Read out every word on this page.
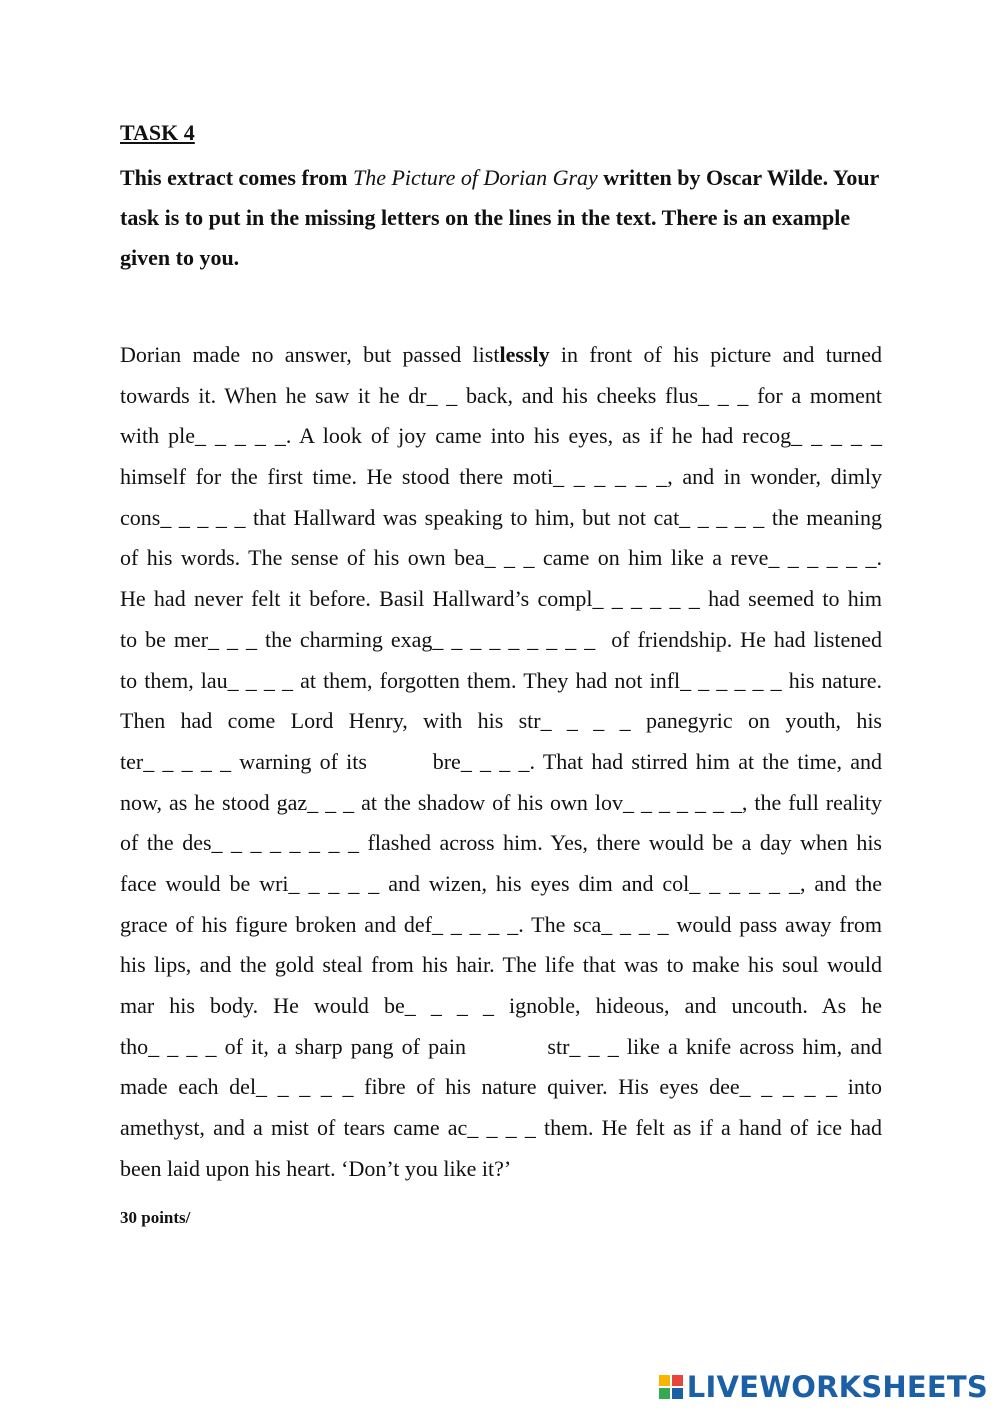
TASK 4

This extract comes from The Picture of Dorian Gray written by Oscar Wilde. Your task is to put in the missing letters on the lines in the text. There is an example given to you.

Dorian made no answer, but passed listlessly in front of his picture and turned
towards it. When he saw it he dr_ _ back, and his cheeks flus_ _ _ for a moment
with ple_ _ _ _ _. A look of joy came into his eyes, as if he had recog_ _ _ _ _
himself for the first time. He stood there moti_ _ _ _ _ _, and in wonder, dimly
cons_ _ _ _ _ that Hallward was speaking to him, but not cat_ _ _ _ _ the meaning
of his words. The sense of his own bea_ _ _ came on him like a reve_ _ _ _ _ _.
He had never felt it before. Basil Hallward’s compl_ _ _ _ _ _ had seemed to him
to be mer_ _ _ the charming exag_ _ _ _ _ _ _ _ _  of friendship. He had listened
to them, lau_ _ _ _ at them, forgotten them. They had not infl_ _ _ _ _ _ his nature.
Then had come Lord Henry, with his str_ _ _ _ panegyric on youth, his
ter_ _ _ _ _ warning of its        bre_ _ _ _. That had stirred him at the time, and
now, as he stood gaz_ _ _ at the shadow of his own lov_ _ _ _ _ _ _, the full reality
of the des_ _ _ _ _ _ _ _ flashed across him. Yes, there would be a day when his
face would be wri_ _ _ _ _ and wizen, his eyes dim and col_ _ _ _ _ _, and the
grace of his figure broken and def_ _ _ _ _. The sca_ _ _ _ would pass away from
his lips, and the gold steal from his hair. The life that was to make his soul would
mar his body. He would be_ _ _ _ ignoble, hideous, and uncouth. As he
tho_ _ _ _ of it, a sharp pang of pain          str_ _ _ like a knife across him, and
made each del_ _ _ _ _ fibre of his nature quiver. His eyes dee_ _ _ _ _ into
amethyst, and a mist of tears came ac_ _ _ _ them. He felt as if a hand of ice had
been laid upon his heart. ‘Don’t you like it?’

30 points/

LIVEWORKSHEETS
